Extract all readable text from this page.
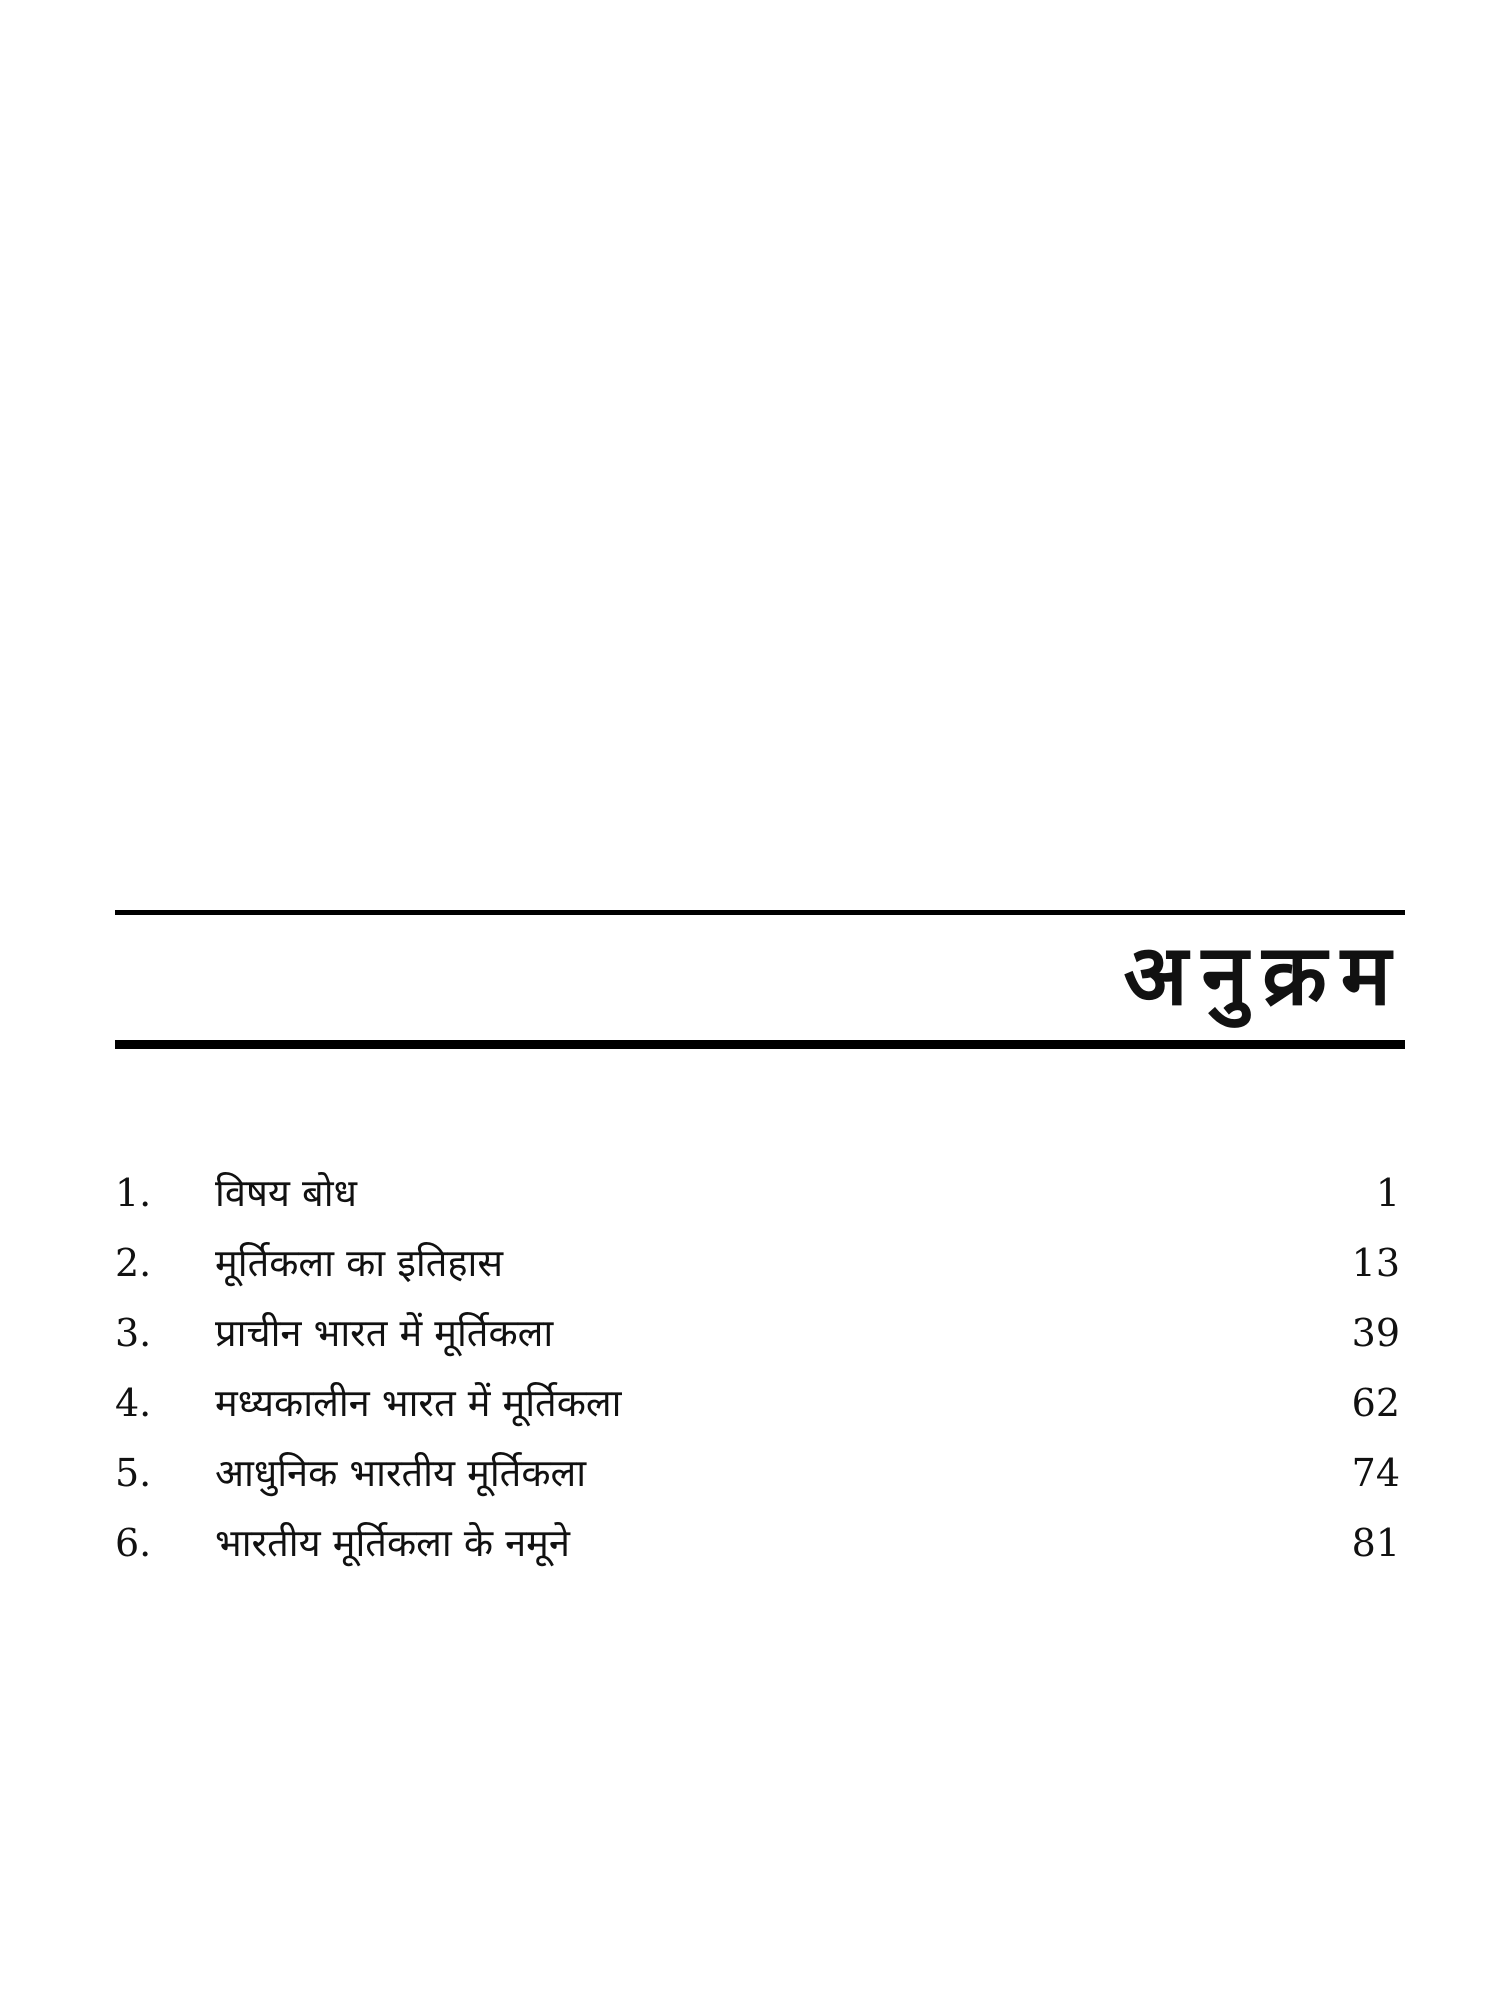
अनुक्रम
1. विषय बोध	1
2. मूर्तिकला का इतिहास	13
3. प्राचीन भारत में मूर्तिकला	39
4. मध्यकालीन भारत में मूर्तिकला	62
5. आधुनिक भारतीय मूर्तिकला	74
6. भारतीय मूर्तिकला के नमूने	81
